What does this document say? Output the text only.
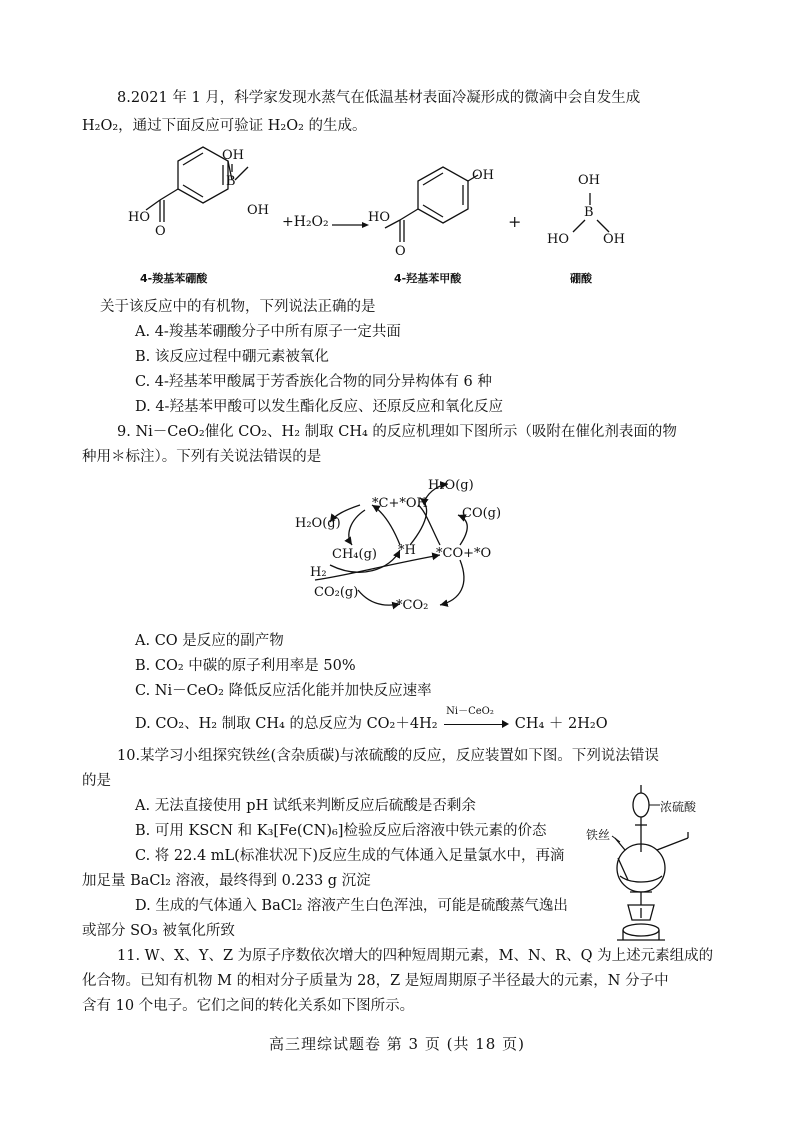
8.2021 年 1 月，科学家发现水蒸气在低温基材表面冷凝形成的微滴中会自发生成
H₂O₂，通过下面反应可验证 H₂O₂ 的生成。
OH
B
OH
HO
O
4-羧基苯硼酸
+H₂O₂
OH
HO
O
4-羟基苯甲酸
+
OH
B
HO	OH
硼酸
关于该反应中的有机物，下列说法正确的是
A. 4-羧基苯硼酸分子中所有原子一定共面
B. 该反应过程中硼元素被氧化
C. 4-羟基苯甲酸属于芳香族化合物的同分异构体有 6 种
D. 4-羟基苯甲酸可以发生酯化反应、还原反应和氧化反应
9. Ni－CeO₂催化 CO₂、H₂ 制取 CH₄ 的反应机理如下图所示（吸附在催化剂表面的物
种用＊标注）。下列有关说法错误的是
H₂O(g)
*C+*OH
CO(g)
H₂O(g)
CH₄(g) *H *CO+*O
H₂
CO₂(g)
*CO₂
A. CO 是反应的副产物
B. CO₂ 中碳的原子利用率是 50%
C. Ni－CeO₂ 降低反应活化能并加快反应速率
D. CO₂、H₂ 制取 CH₄ 的总反应为 CO₂＋4H₂
Ni－CeO₂
CH₄ ＋ 2H₂O
10.某学习小组探究铁丝(含杂质碳)与浓硫酸的反应，反应装置如下图。下列说法错误
的是
A. 无法直接使用 pH 试纸来判断反应后硫酸是否剩余
B. 可用 KSCN 和 K₃[Fe(CN)₆]检验反应后溶液中铁元素的价态
C. 将 22.4 mL(标准状况下)反应生成的气体通入足量氯水中，再滴
加足量 BaCl₂ 溶液，最终得到 0.233 g 沉淀
D. 生成的气体通入 BaCl₂ 溶液产生白色浑浊，可能是硫酸蒸气逸出
或部分 SO₃ 被氧化所致
浓硫酸
铁丝
11. W、X、Y、Z 为原子序数依次增大的四种短周期元素，M、N、R、Q 为上述元素组成的
化合物。已知有机物 M 的相对分子质量为 28，Z 是短周期原子半径最大的元素，N 分子中
含有 10 个电子。它们之间的转化关系如下图所示。
高三理综试题卷 第 3 页 (共 18 页)
